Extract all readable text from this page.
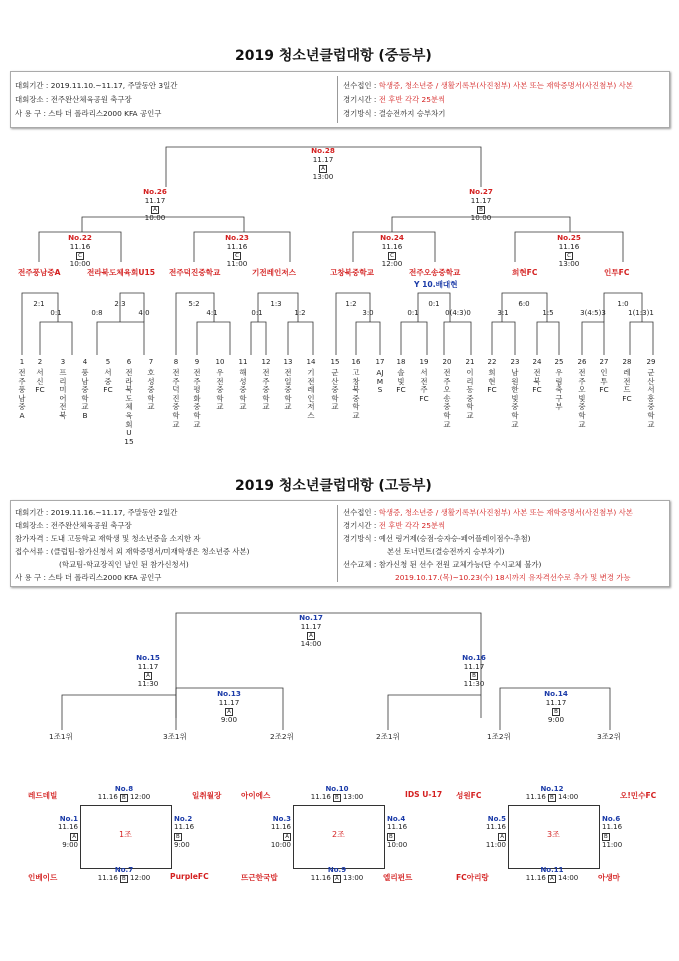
2019 청소년클럽대항 (중등부)
대회기간 : 2019.11.10.~11.17, 주말동안 3일간
대회장소 : 전주완산체육공원 축구장
사 용 구 : 스타 더 폴라리스2000 KFA 공인구
선수접인 : 학생증, 청소년증 / 생활기록부(사진첨부) 사본 또는 재학증명서(사진첨부) 사본
경기시간 : 전 후반 각각 25분씩
경기방식 : 결승전까지 승부차기
No.28
11.17
A
13:00
No.26
11.17
A
10:00
No.27
11.17
B
10:00
No.22
11.16
C
10:00
No.23
11.16
C
11:00
No.24
11.16
C
12:00
No.25
11.16
C
13:00
전주풍남중A	전라북도체육회U15 전주덕진중학교	기전레인저스	고창북중학교	전주오송중학교	희현FC	인투FC
Y 10.배대현
2:1
0:1
2:3
0:8	4:0
5:2
4:1
1:3
0:1	1:2
1:2
3:0
0:1
0:1	0(4:3)0
6:0
3:1	1:5
1:0
3(4:5)3	1(1:3)1
1
전주풍남중A
2
서신FC
3
프리미어전북
4
풍남중학교B
5
서중FC
6
전라북도체육회U15
7
호성중학교
8
전주덕진중학교
9
전주평화중학교
10
우전중학교
11
해성중학교
12
전주중학교
13
전일중학교
14
기전레인저스
15
군산중학교
16
고창북중학교
17
AJMS
18
솔빛FC
19
서전주FC
20
전주오송중학교
21
이리동중학교
22
희현FC
23
남원한빛중학교
24
전북FC
25
우림축구부
26
전주오빛중학교
27
인투FC
28
레전드FC
29
군산서흥중학교
2019 청소년클럽대항 (고등부)
대회기간 : 2019.11.16.~11.17, 주말동안 2일간
대회장소 : 전주완산체육공원 축구장
참가자격 : 도내 고등학교 재학생 및 청소년증을 소지한 자
접수서류 : (클럽팀-참가신청서 외 재학증명서/미재학생은 청소년증 사본)
(학교팀-학교장직인 날인 된 참가신청서)
사 용 구 : 스타 더 폴라리스2000 KFA 공인구
선수접인 : 학생증, 청소년증 / 생활기록부(사진첨부) 사본 또는 재학증명서(사진첨부) 사본
경기시간 : 전 후반 각각 25분씩
경기방식 : 예선 링거제(승점-승자승-페어플레이점수-추첨)
본선 토너먼트(결승전까지 승부차기)
선수교체 : 참가신청 된 선수 전원 교체가능(단 수시교체 불가)
2019.10.17.(목)~10.23(수) 18시까지 유자격선수로 추가 및 변경 가능
No.17
11.17
A
14:00
No.15
11.17
A
11:30
No.16
11.17
B
11:30
No.13
11.17
A
9:00
No.14
11.17
B
9:00
1조1위	3조1위	2조2위	2조1위	1조2위	3조2위
1조
레드데빌	일취월장
인베이드	PurpleFC
No.8
11.16 B 12:00
No.7
11.16 B 12:00
No.1
11.16
A
9:00
No.2
11.16
B
9:00
2조
아이에스	IDS U-17
뜨근한국밥	엘리펀트
No.10
11.16 B 13:00
No.9
11.16 A 13:00
No.3
11.16
A
10:00
No.4
11.16
B
10:00
3조
성원FC	오!민수FC
FC아리랑	아생마
No.12
11.16 B 14:00
No.11
11.16 A 14:00
No.5
11.16
A
11:00
No.6
11.16
B
11:00
